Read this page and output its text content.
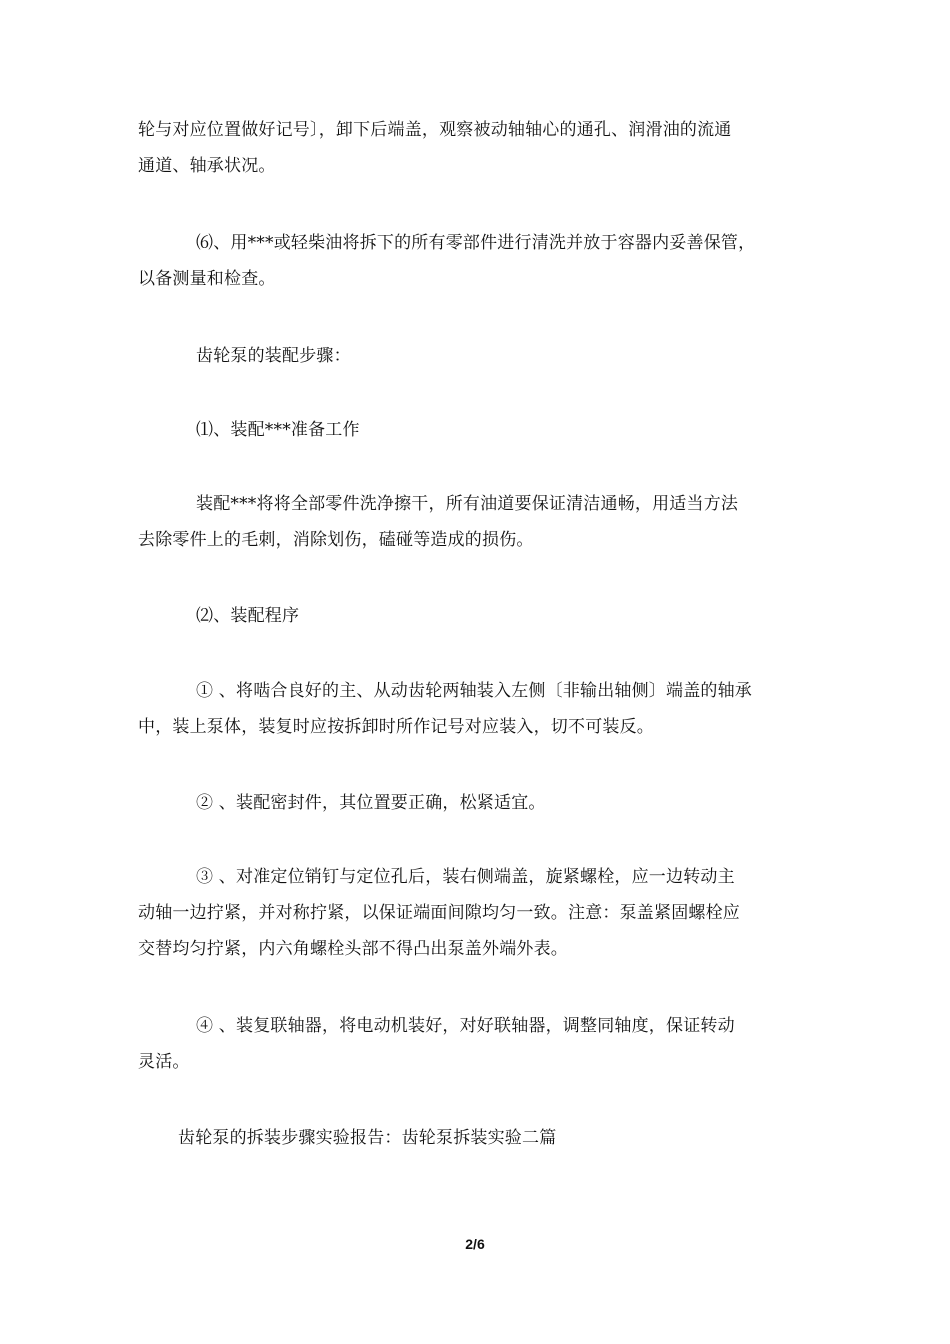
轮与对应位置做好记号〕，卸下后端盖，观察被动轴轴心的通孔、润滑油的流通
通道、轴承状况。

⑹、用***或轻柴油将拆下的所有零部件进行清洗并放于容器内妥善保管，
以备测量和检查。

齿轮泵的装配步骤：

⑴、装配***准备工作

装配***将将全部零件洗净擦干，所有油道要保证清洁通畅，用适当方法
去除零件上的毛刺，消除划伤，磕碰等造成的损伤。

⑵、装配程序

① 、将啮合良好的主、从动齿轮两轴装入左侧〔非输出轴侧〕端盖的轴承
中，装上泵体，装复时应按拆卸时所作记号对应装入，切不可装反。

② 、装配密封件，其位置要正确，松紧适宜。

③ 、对准定位销钉与定位孔后，装右侧端盖，旋紧螺栓，应一边转动主
动轴一边拧紧，并对称拧紧，以保证端面间隙均匀一致。注意：泵盖紧固螺栓应
交替均匀拧紧，内六角螺栓头部不得凸出泵盖外端外表。

④ 、装复联轴器，将电动机装好，对好联轴器，调整同轴度，保证转动
灵活。

齿轮泵的拆装步骤实验报告：齿轮泵拆装实验二篇

2/6
